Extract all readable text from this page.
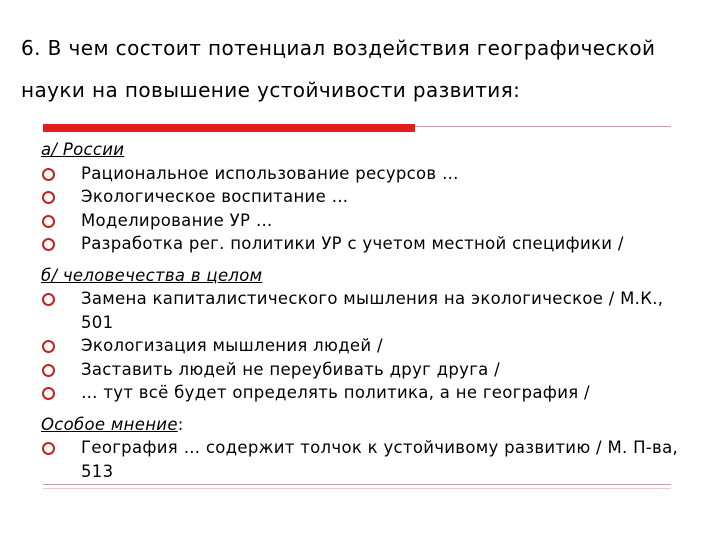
6. В чем состоит потенциал воздействия географической
науки на повышение устойчивости развития:
а/ России
Рациональное использование ресурсов …
Экологическое воспитание …
Моделирование УР …
Разработка рег. политики УР с учетом местной специфики /
б/ человечества в целом
Замена капиталистического мышления на экологическое / М.К., 501
Экологизация мышления людей /
Заставить людей не переубивать друг друга /
… тут всё будет определять политика, а не география /
Особое мнение:
География … содержит толчок к устойчивому развитию / М. П-ва, 513
